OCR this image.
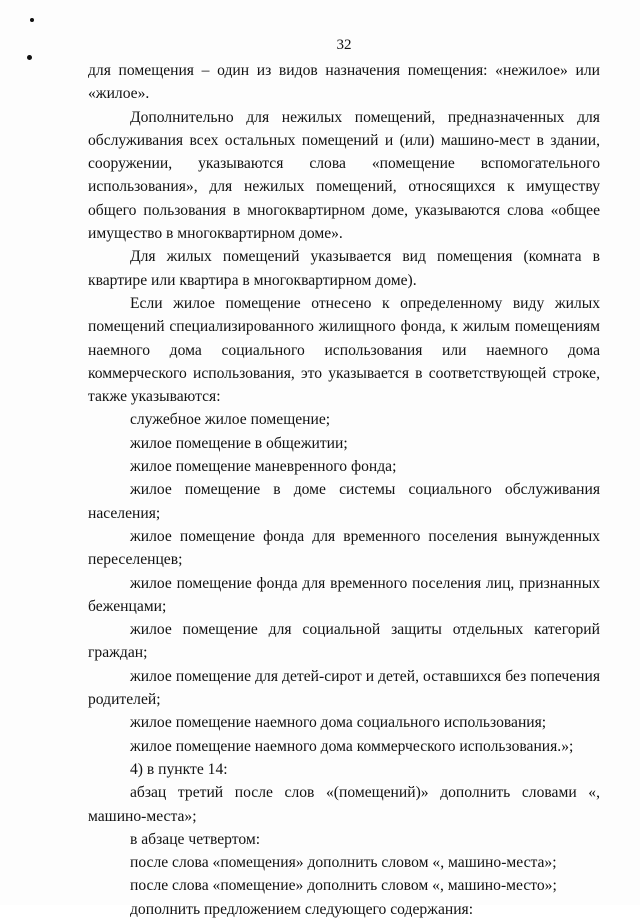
32

для помещения – один из видов назначения помещения: «нежилое» или «жилое».

Дополнительно для нежилых помещений, предназначенных для обслуживания всех остальных помещений и (или) машино-мест в здании, сооружении, указываются слова «помещение вспомогательного использования», для нежилых помещений, относящихся к имуществу общего пользования в многоквартирном доме, указываются слова «общее имущество в многоквартирном доме».

Для жилых помещений указывается вид помещения (комната в квартире или квартира в многоквартирном доме).

Если жилое помещение отнесено к определенному виду жилых помещений специализированного жилищного фонда, к жилым помещениям наемного дома социального использования или наемного дома коммерческого использования, это указывается в соответствующей строке, также указываются:

служебное жилое помещение;

жилое помещение в общежитии;

жилое помещение маневренного фонда;

жилое помещение в доме системы социального обслуживания населения;

жилое помещение фонда для временного поселения вынужденных переселенцев;

жилое помещение фонда для временного поселения лиц, признанных беженцами;

жилое помещение для социальной защиты отдельных категорий граждан;

жилое помещение для детей-сирот и детей, оставшихся без попечения родителей;

жилое помещение наемного дома социального использования;

жилое помещение наемного дома коммерческого использования.»;

4) в пункте 14:

абзац третий после слов «(помещений)» дополнить словами «, машино-места»;

в абзаце четвертом:

после слова «помещения» дополнить словом «, машино-места»;

после слова «помещение» дополнить словом «, машино-место»;

дополнить предложением следующего содержания:
